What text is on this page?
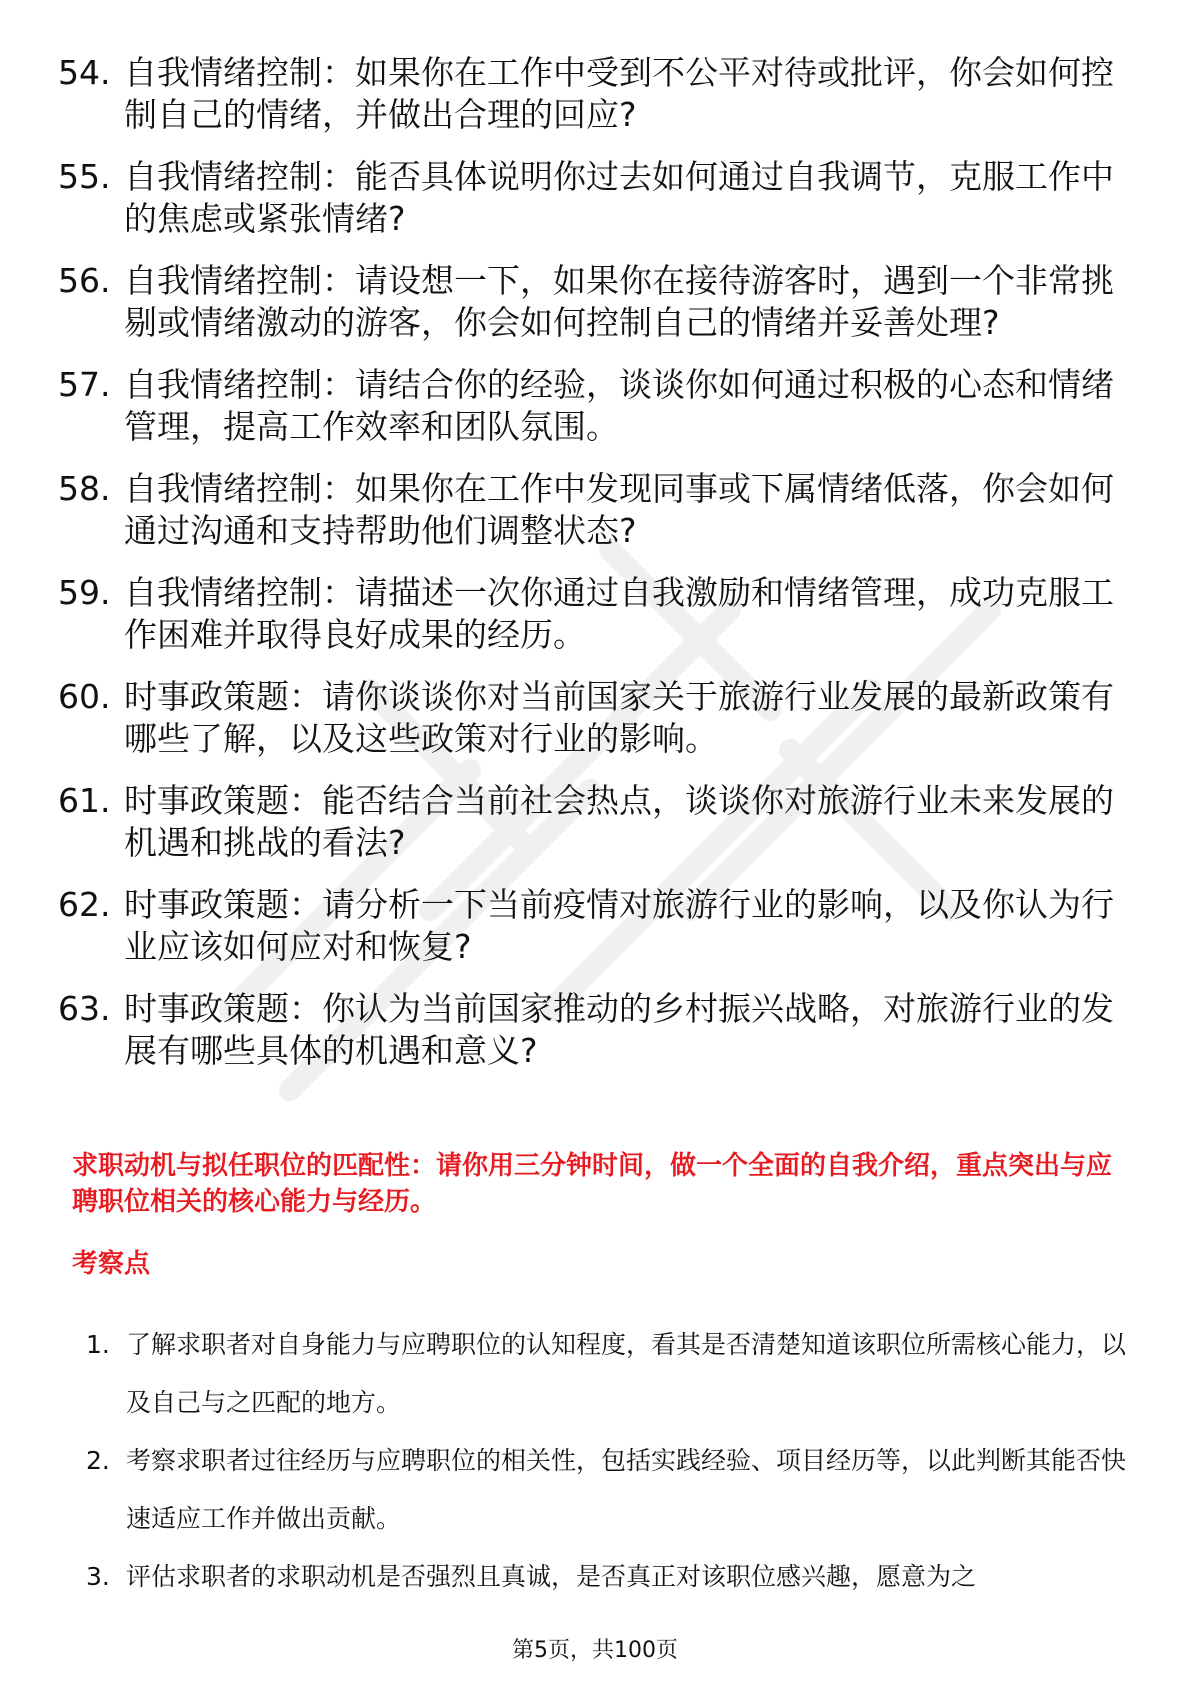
54. 自我情绪控制：如果你在工作中受到不公平对待或批评，你会如何控制自己的情绪，并做出合理的回应?
55. 自我情绪控制：能否具体说明你过去如何通过自我调节，克服工作中的焦虑或紧张情绪?
56. 自我情绪控制：请设想一下，如果你在接待游客时，遇到一个非常挑剔或情绪激动的游客，你会如何控制自己的情绪并妥善处理?
57. 自我情绪控制：请结合你的经验，谈谈你如何通过积极的心态和情绪管理，提高工作效率和团队氛围。
58. 自我情绪控制：如果你在工作中发现同事或下属情绪低落，你会如何通过沟通和支持帮助他们调整状态?
59. 自我情绪控制：请描述一次你通过自我激励和情绪管理，成功克服工作困难并取得良好成果的经历。
60. 时事政策题：请你谈谈你对当前国家关于旅游行业发展的最新政策有哪些了解，以及这些政策对行业的影响。
61. 时事政策题：能否结合当前社会热点，谈谈你对旅游行业未来发展的机遇和挑战的看法?
62. 时事政策题：请分析一下当前疫情对旅游行业的影响，以及你认为行业应该如何应对和恢复?
63. 时事政策题：你认为当前国家推动的乡村振兴战略，对旅游行业的发展有哪些具体的机遇和意义?

求职动机与拟任职位的匹配性：请你用三分钟时间，做一个全面的自我介绍，重点突出与应聘职位相关的核心能力与经历。

考察点

1. 了解求职者对自身能力与应聘职位的认知程度，看其是否清楚知道该职位所需核心能力，以及自己与之匹配的地方。
2. 考察求职者过往经历与应聘职位的相关性，包括实践经验、项目经历等，以此判断其能否快速适应工作并做出贡献。
3. 评估求职者的求职动机是否强烈且真诚，是否真正对该职位感兴趣，愿意为之
第5页，共100页
